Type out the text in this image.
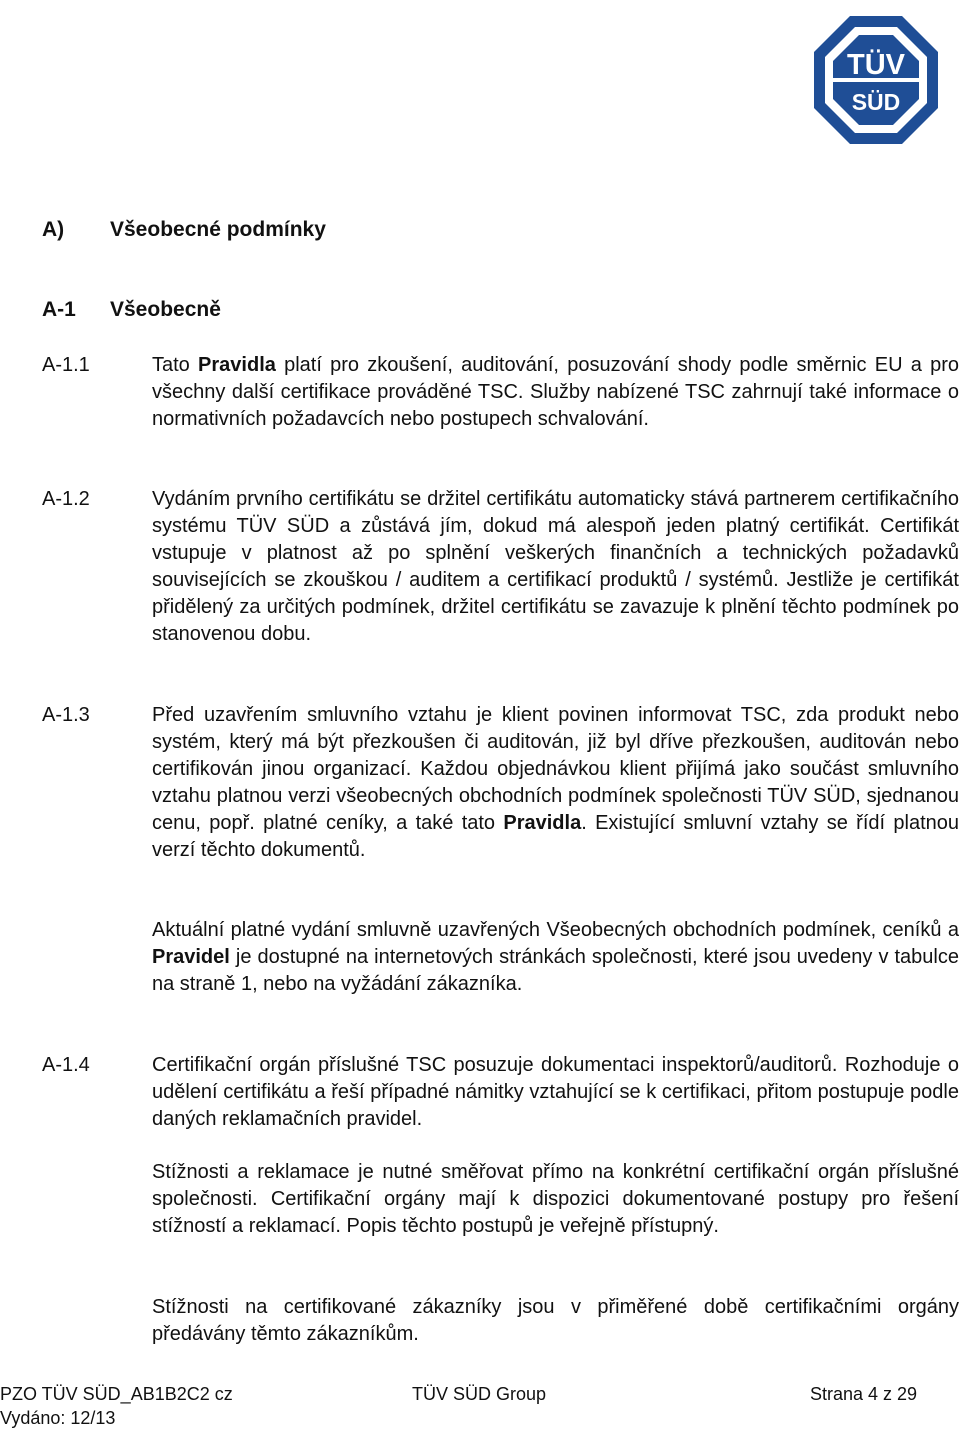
TÜV
SÜD
A) Všeobecné podmínky
A-1 Všeobecně
A-1.1
A-1.2
A-1.3
A-1.4
Tato Pravidla platí pro zkoušení, auditování, posuzování shody podle směrnic EU a pro všechny další certifikace prováděné TSC. Služby nabízené TSC zahrnují také informace o normativních požadavcích nebo postupech schvalování.
Vydáním prvního certifikátu se držitel certifikátu automaticky stává partnerem certifikačního systému TÜV SÜD a zůstává jím, dokud má alespoň jeden platný certifikát. Certifikát vstupuje v platnost až po splnění veškerých finančních a technických požadavků souvisejících se zkouškou / auditem a certifikací produktů / systémů. Jestliže je certifikát přidělený za určitých podmínek, držitel certifikátu se zavazuje k plnění těchto podmínek po stanovenou dobu.
Před uzavřením smluvního vztahu je klient povinen informovat TSC, zda produkt nebo systém, který má být přezkoušen či auditován, již byl dříve přezkoušen, auditován nebo certifikován jinou organizací. Každou objednávkou klient přijímá jako součást smluvního vztahu platnou verzi všeobecných obchodních podmínek společnosti TÜV SÜD, sjednanou cenu, popř. platné ceníky, a také tato Pravidla. Existující smluvní vztahy se řídí platnou verzí těchto dokumentů.
Aktuální platné vydání smluvně uzavřených Všeobecných obchodních podmínek, ceníků a Pravidel je dostupné na internetových stránkách společnosti, které jsou uvedeny v tabulce na straně 1, nebo na vyžádání zákazníka.
Certifikační orgán příslušné TSC posuzuje dokumentaci inspektorů/auditorů. Rozhoduje o udělení certifikátu a řeší případné námitky vztahující se k certifikaci, přitom postupuje podle daných reklamačních pravidel.
Stížnosti a reklamace je nutné směřovat přímo na konkrétní certifikační orgán příslušné společnosti. Certifikační orgány mají k dispozici dokumentované postupy pro řešení stížností a reklamací. Popis těchto postupů je veřejně přístupný.
Stížnosti na certifikované zákazníky jsou v přiměřené době certifikačními orgány předávány těmto zákazníkům.
PZO TÜV SÜD_AB1B2C2 cz	TÜV SÜD Group	Strana 4 z 29
Vydáno: 12/13
